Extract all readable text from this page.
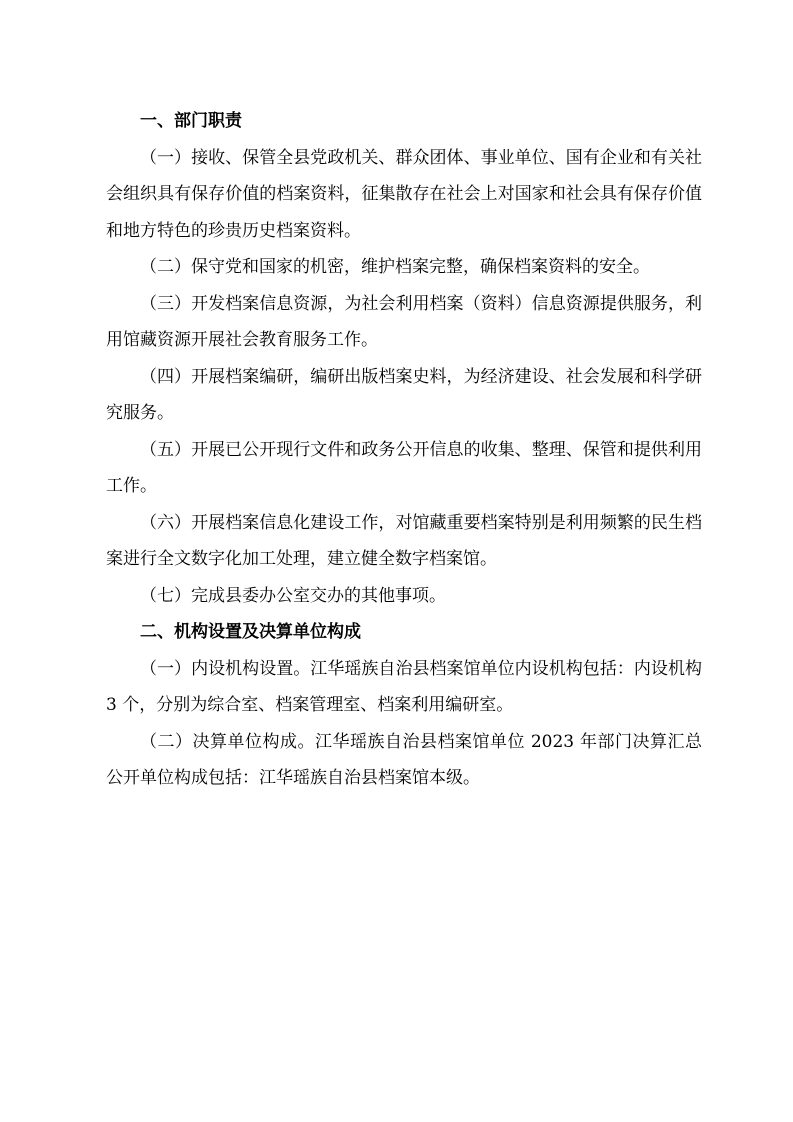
一、部门职责

（一）接收、保管全县党政机关、群众团体、事业单位、国有企业和有关社会组织具有保存价值的档案资料，征集散存在社会上对国家和社会具有保存价值和地方特色的珍贵历史档案资料。

（二）保守党和国家的机密，维护档案完整，确保档案资料的安全。

（三）开发档案信息资源，为社会利用档案（资料）信息资源提供服务，利用馆藏资源开展社会教育服务工作。

（四）开展档案编研，编研出版档案史料，为经济建设、社会发展和科学研究服务。

（五）开展已公开现行文件和政务公开信息的收集、整理、保管和提供利用工作。

（六）开展档案信息化建设工作，对馆藏重要档案特别是利用频繁的民生档案进行全文数字化加工处理，建立健全数字档案馆。

（七）完成县委办公室交办的其他事项。

二、机构设置及决算单位构成

（一）内设机构设置。江华瑶族自治县档案馆单位内设机构包括：内设机构 3 个，分别为综合室、档案管理室、档案利用编研室。

（二）决算单位构成。江华瑶族自治县档案馆单位 2023 年部门决算汇总公开单位构成包括：江华瑶族自治县档案馆本级。
